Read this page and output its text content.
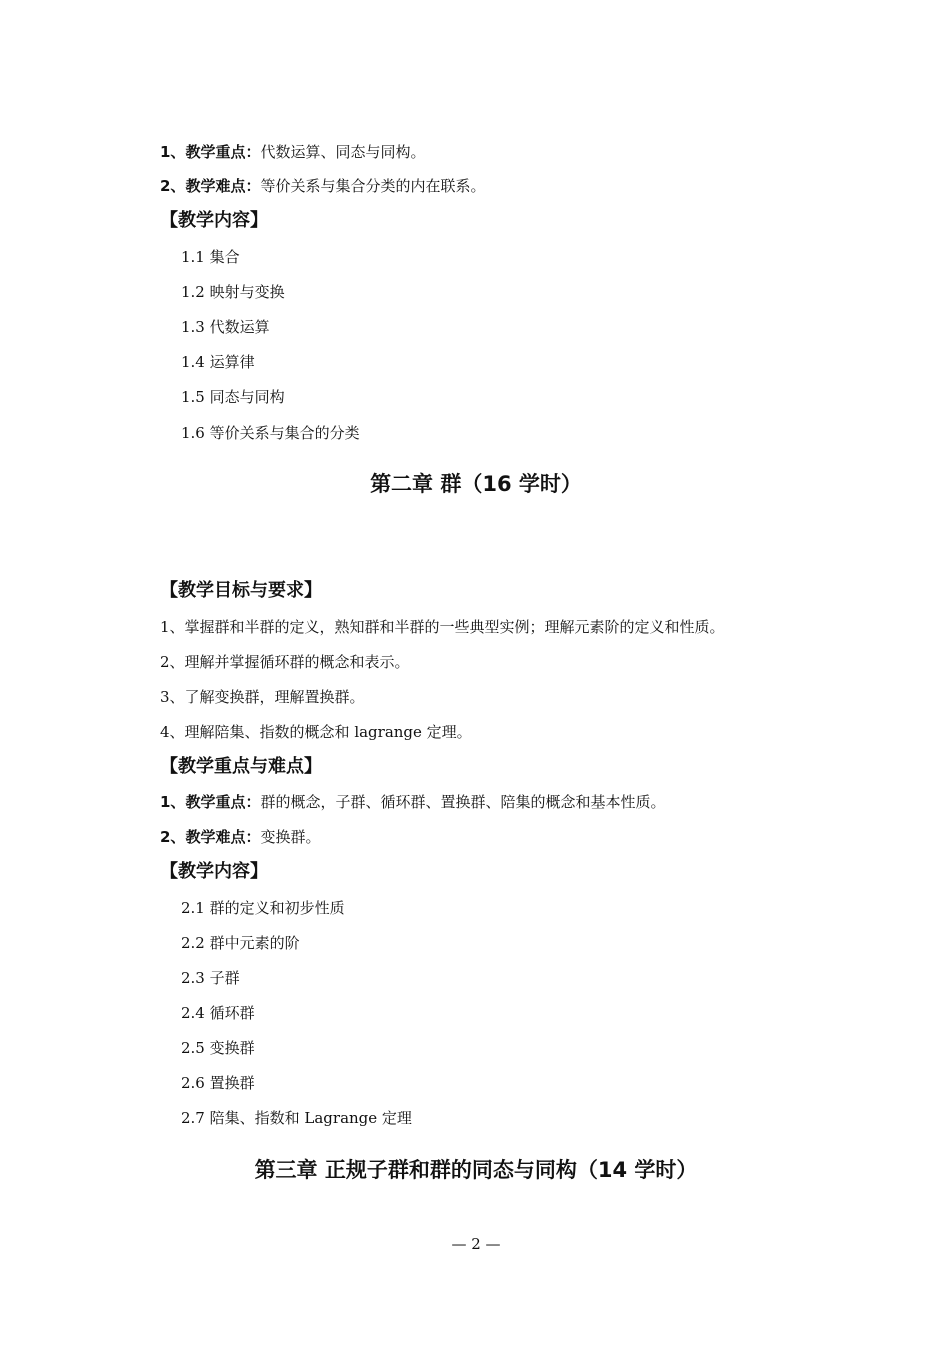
1、教学重点：代数运算、同态与同构。
2、教学难点：等价关系与集合分类的内在联系。
【教学内容】
1.1 集合
1.2 映射与变换
1.3 代数运算
1.4 运算律
1.5 同态与同构
1.6 等价关系与集合的分类
第二章 群（16 学时）
【教学目标与要求】
1、掌握群和半群的定义，熟知群和半群的一些典型实例；理解元素阶的定义和性质。
2、理解并掌握循环群的概念和表示。
3、了解变换群，理解置换群。
4、理解陪集、指数的概念和 lagrange 定理。
【教学重点与难点】
1、教学重点：群的概念，子群、循环群、置换群、陪集的概念和基本性质。
2、教学难点：变换群。
【教学内容】
2.1 群的定义和初步性质
2.2 群中元素的阶
2.3 子群
2.4 循环群
2.5 变换群
2.6 置换群
2.7 陪集、指数和 Lagrange 定理
第三章 正规子群和群的同态与同构（14 学时）
— 2 —
